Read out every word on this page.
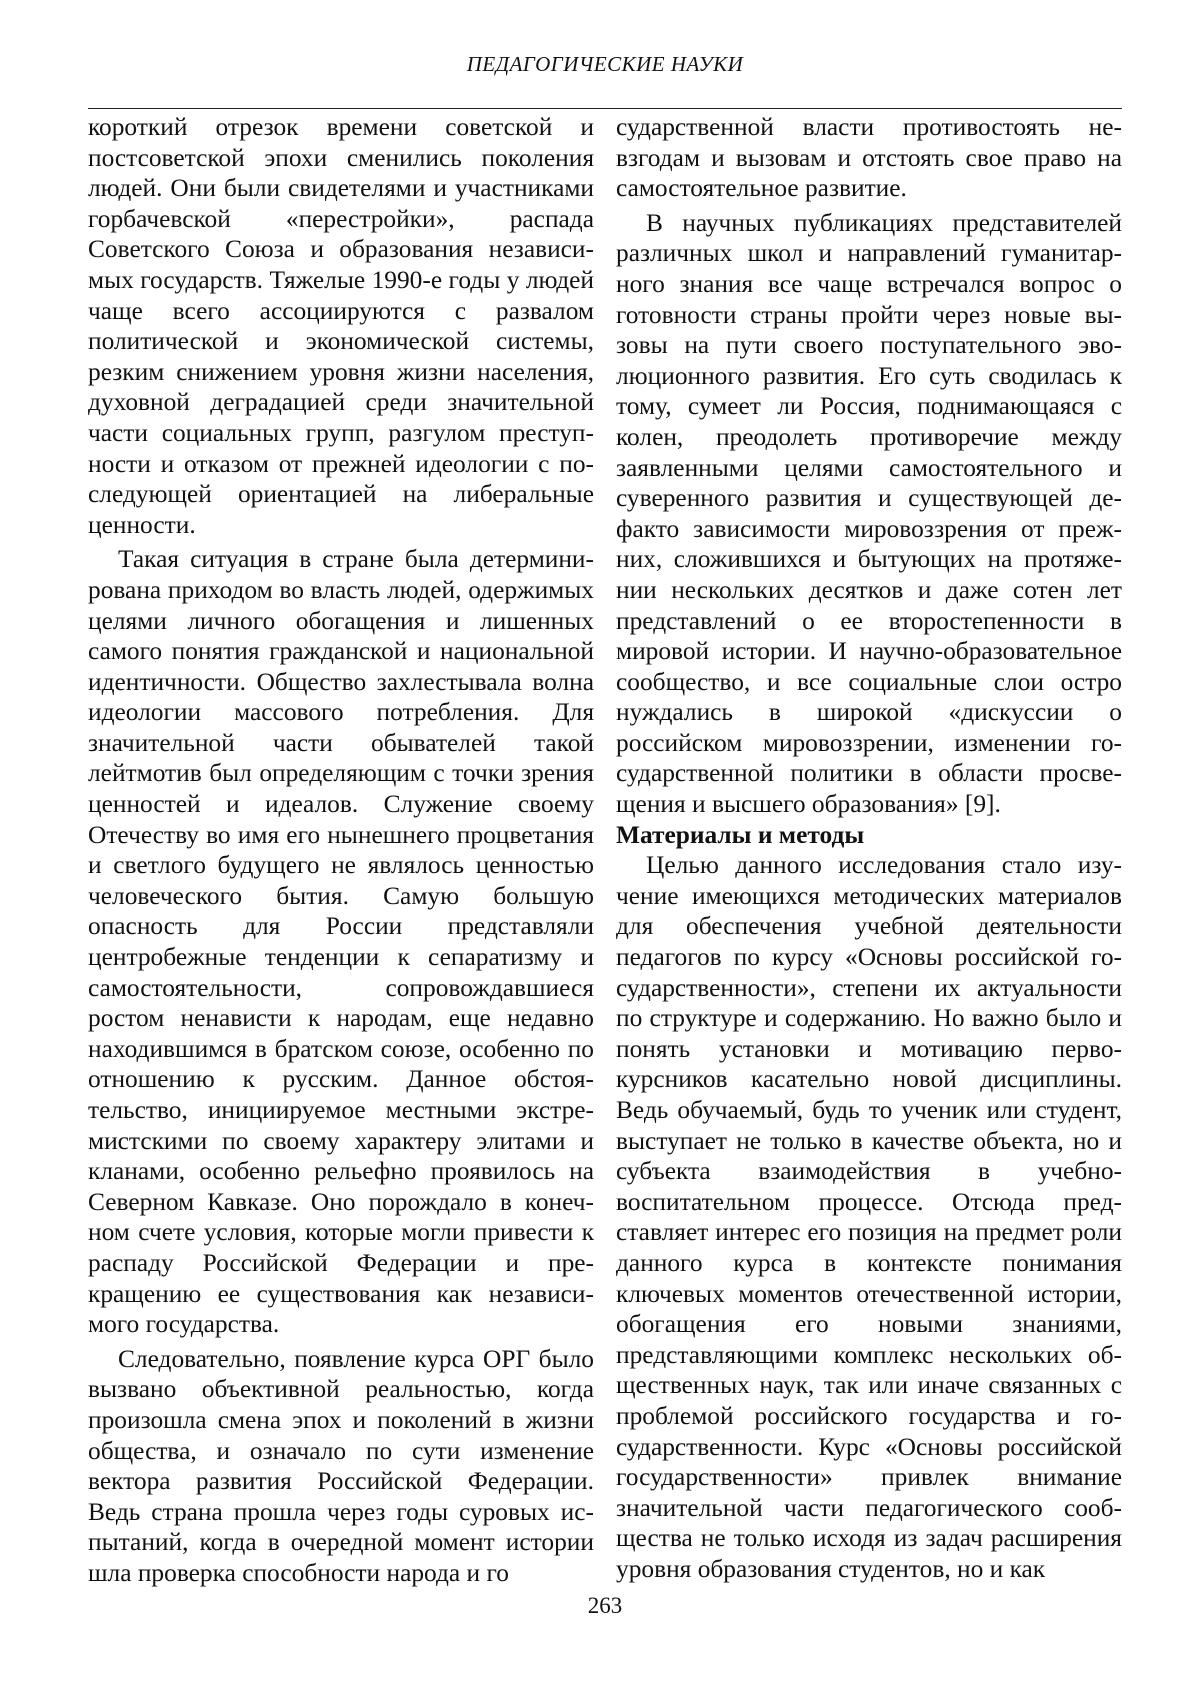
ПЕДАГОГИЧЕСКИЕ НАУКИ

короткий отрезок времени советской и постсоветской эпохи сменились поколения людей. Они были свидетелями и участниками горбачевской «перестройки», распада Советского Союза и образования независимых государств. Тяжелые 1990-е годы у людей чаще всего ассоциируются с развалом политической и экономической системы, резким снижением уровня жизни населения, духовной деградацией среди значительной части социальных групп, разгулом преступности и отказом от прежней идеологии с последующей ориентацией на либеральные ценности.

Такая ситуация в стране была детерминирована приходом во власть людей, одержимых целями личного обогащения и лишенных самого понятия гражданской и национальной идентичности. Общество захлестывала волна идеологии массового потребления. Для значительной части обывателей такой лейтмотив был определяющим с точки зрения ценностей и идеалов. Служение своему Отечеству во имя его нынешнего процветания и светлого будущего не являлось ценностью человеческого бытия. Самую большую опасность для России представляли центробежные тенденции к сепаратизму и самостоятельности, сопровождавшиеся ростом ненависти к народам, еще недавно находившимся в братском союзе, особенно по отношению к русским. Данное обстоятельство, инициируемое местными экстремистскими по своему характеру элитами и кланами, особенно рельефно проявилось на Северном Кавказе. Оно порождало в конечном счете условия, которые могли привести к распаду Российской Федерации и прекращению ее существования как независимого государства.

Следовательно, появление курса ОРГ было вызвано объективной реальностью, когда произошла смена эпох и поколений в жизни общества, и означало по сути изменение вектора развития Российской Федерации. Ведь страна прошла через годы суровых испытаний, когда в очередной момент истории шла проверка способности народа и го

сударственной власти противостоять невзгодам и вызовам и отстоять свое право на самостоятельное развитие.

В научных публикациях представителей различных школ и направлений гуманитарного знания все чаще встречался вопрос о готовности страны пройти через новые вызовы на пути своего поступательного эволюционного развития. Его суть сводилась к тому, сумеет ли Россия, поднимающаяся с колен, преодолеть противоречие между заявленными целями самостоятельного и суверенного развития и существующей дефакто зависимости мировоззрения от прежних, сложившихся и бытующих на протяжении нескольких десятков и даже сотен лет представлений о ее второстепенности в мировой истории. И научно-образовательное сообщество, и все социальные слои остро нуждались в широкой «дискуссии о российском мировоззрении, изменении государственной политики в области просвещения и высшего образования» [9].

Материалы и методы

Целью данного исследования стало изучение имеющихся методических материалов для обеспечения учебной деятельности педагогов по курсу «Основы российской государственности», степени их актуальности по структуре и содержанию. Но важно было и понять установки и мотивацию первокурсников касательно новой дисциплины. Ведь обучаемый, будь то ученик или студент, выступает не только в качестве объекта, но и субъекта взаимодействия в учебновоспитательном процессе. Отсюда представляет интерес его позиция на предмет роли данного курса в контексте понимания ключевых моментов отечественной истории, обогащения его новыми знаниями, представляющими комплекс нескольких общественных наук, так или иначе связанных с проблемой российского государства и государственности. Курс «Основы российской государственности» привлек внимание значительной части педагогического сообщества не только исходя из задач расширения уровня образования студентов, но и как

263
